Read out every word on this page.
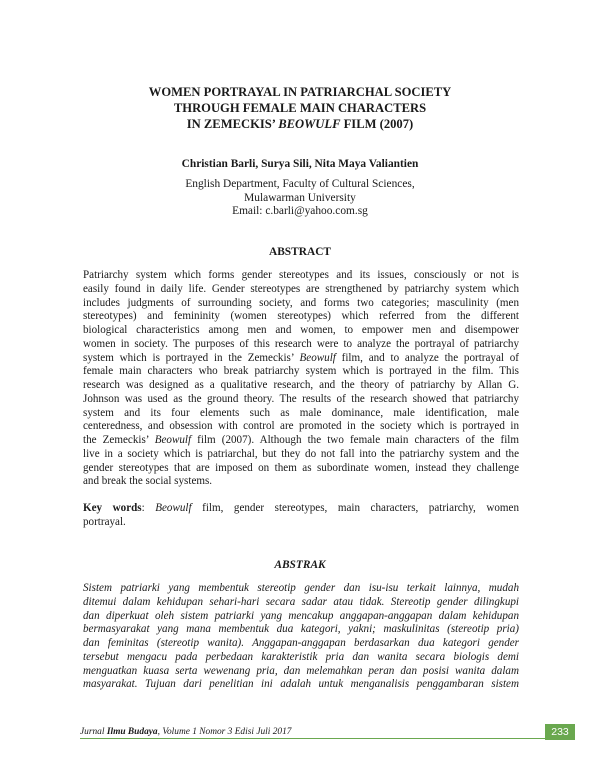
WOMEN PORTRAYAL IN PATRIARCHAL SOCIETY
THROUGH FEMALE MAIN CHARACTERS
IN ZEMECKIS’ BEOWULF FILM (2007)
Christian Barli, Surya Sili, Nita Maya Valiantien
English Department, Faculty of Cultural Sciences,
Mulawarman University
Email: c.barli@yahoo.com.sg
ABSTRACT
Patriarchy system which forms gender stereotypes and its issues, consciously or not is
easily found in daily life. Gender stereotypes are strengthened by patriarchy system which
includes judgments of surrounding society, and forms two categories; masculinity (men
stereotypes) and femininity (women stereotypes) which referred from the different
biological characteristics among men and women, to empower men and disempower
women in society. The purposes of this research were to analyze the portrayal of patriarchy
system which is portrayed in the Zemeckis’ Beowulf film, and to analyze the portrayal of
female main characters who break patriarchy system which is portrayed in the film. This
research was designed as a qualitative research, and the theory of patriarchy by Allan G.
Johnson was used as the ground theory. The results of the research showed that patriarchy
system and its four elements such as male dominance, male identification, male
centeredness, and obsession with control are promoted in the society which is portrayed in
the Zemeckis’ Beowulf film (2007). Although the two female main characters of the film
live in a society which is patriarchal, but they do not fall into the patriarchy system and the
gender stereotypes that are imposed on them as subordinate women, instead they challenge
and break the social systems.
Key words: Beowulf film, gender stereotypes, main characters, patriarchy, women
portrayal.
ABSTRAK
Sistem patriarki yang membentuk stereotip gender dan isu-isu terkait lainnya, mudah
ditemui dalam kehidupan sehari-hari secara sadar atau tidak. Stereotip gender dilingkupi
dan diperkuat oleh sistem patriarki yang mencakup anggapan-anggapan dalam kehidupan
bermasyarakat yang mana membentuk dua kategori, yakni; maskulinitas (stereotip pria)
dan feminitas (stereotip wanita). Anggapan-anggapan berdasarkan dua kategori gender
tersebut mengacu pada perbedaan karakteristik pria dan wanita secara biologis demi
menguatkan kuasa serta wewenang pria, dan melemahkan peran dan posisi wanita dalam
masyarakat. Tujuan dari penelitian ini adalah untuk menganalisis penggambaran sistem
Jurnal Ilmu Budaya, Volume 1 Nomor 3 Edisi Juli 2017	233
